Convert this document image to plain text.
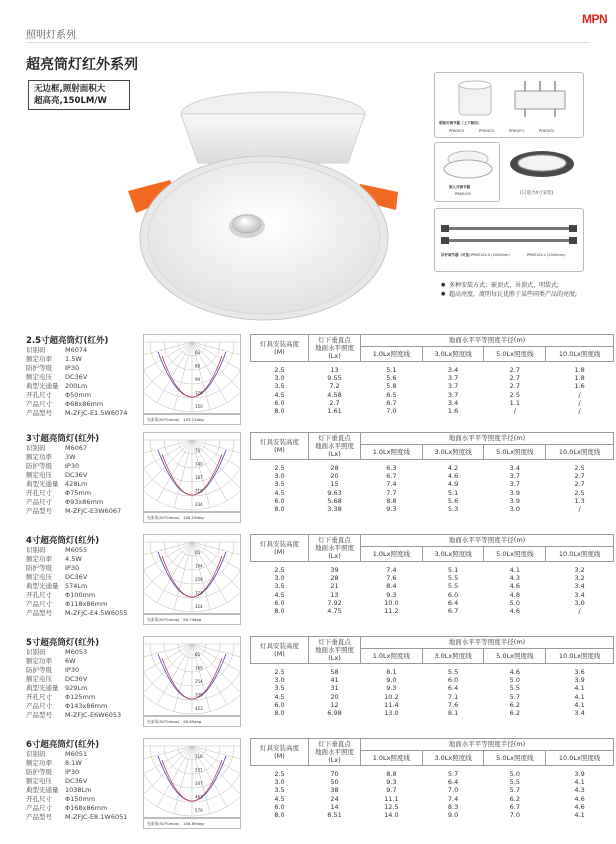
照明灯系列
MPN
超亮筒灯红外系列
无边框,照射面积大
超高亮,150LM/W
明装可调节器（上下朝向）
PF60073	PF60072	PF60071	PF60070
嵌入式调节器
PR60105	(只适合4寸安装)
吊杆调节器（可选）
PR60102-S (2000mm)	PR60102-L (2000mm)
● 多种安装方式：嵌顶式、吊顶式、明装式;
● 超高亮度，流明每瓦优胜于某些同类产品的亮度;
2.5寸超亮筒灯(红外)
识别码	M6074
额定功率 1.5W
防护等级 IP30
额定电压 DC36V
典型光通量 200Lm
开孔尺寸 Φ50mm
产品尺寸 Φ68x86mm
产品型号 M-ZFJC-E1.5W6074
63
88
99
126
150
光束角(50％Imax)：103.21deg
灯具安装高度
(M)	灯下垂直点
地面水平照度
(Lx)	地面水平平等照度半径(m)			
		1.0Lx照度线	3.0Lx照度线	5.0Lx照度线	10.0Lx照度线
2.5	13	5.1	3.4	2.7	1.8
3.0	9.55	5.6	3.7	2.7	1.8
3.5	7.2	5.8	3.7	2.7	1.6
4.5	4.58	6.5	3.7	2.5	/
6.0	2.7	6.7	3.4	1.1	/
8.0	1.61	7.0	1.6	/	/
3寸超亮筒灯(红外)
识别码	M6067
额定功率 3W
防护等级 IP30
额定电压 DC36V
典型光通量 428Lm
开孔尺寸 Φ75mm
产品尺寸 Φ93x86mm
产品型号 M-ZFJC-E3W6067
70
140
187
210
234
光束角(50％Imax)：106.23deg
灯具安装高度
(M)	灯下垂直点
地面水平照度
(Lx)	地面水平平等照度半径(m)			
		1.0Lx照度线	3.0Lx照度线	5.0Lx照度线	10.0Lx照度线
2.5	28	6.3	4.2	3.4	2.5
3.0	20	6.7	4.6	3.7	2.7
3.5	15	7.4	4.9	3.7	2.7
4.5	9.63	7.7	5.1	3.9	2.5
6.0	5.68	8.8	5.6	3.9	1.3
8.0	3.38	9.3	5.3	3.0	/
4寸超亮筒灯(红外)
识别码	M6055
额定功率 4.5W
防护等级 IP30
额定电压 DC36V
典型光通量 574Lm
开孔尺寸 Φ100mm
产品尺寸 Φ118x86mm
产品型号 M-ZFJC-E4.5W6055
65
194
259
324
324
光束角(50％Imax)：96.74deg
灯具安装高度
(M)	灯下垂直点
地面水平照度
(Lx)	地面水平平等照度半径(m)			
		1.0Lx照度线	3.0Lx照度线	5.0Lx照度线	10.0Lx照度线
2.5	39	7.4	5.1	4.1	3.2
3.0	28	7.6	5.5	4.3	3.2
3.5	21	8.4	5.5	4.6	3.4
4.5	13	9.3	6.0	4.8	3.4
6.0	7.92	10.0	6.4	5.0	3.0
8.0	4.75	11.2	6.7	4.6	/
5寸超亮筒灯(红外)
识别码	M6053
额定功率 6W
防护等级 IP30
额定电压 DC36V
典型光通量 929Lm
开孔尺寸 Φ125mm
产品尺寸 Φ143x86mm
产品型号 M-ZFJC-E6W6053
85
169
254
339
423
光束角(50％Imax)：96.85deg
灯具安装高度
(M)	灯下垂直点
地面水平照度
(Lx)	地面水平平等照度半径(m)			
		1.0Lx照度线	3.0Lx照度线	5.0Lx照度线	10.0Lx照度线
2.5	58	8.1	5.5	4.6	3.6
3.0	41	9.0	6.0	5.0	3.9
3.5	31	9.3	6.4	5.5	4.1
4.5	20	10.2	7.1	5.7	4.1
6.0	12	11.4	7.6	6.2	4.1
8.0	6.98	13.0	8.1	6.2	3.4
6寸超亮筒灯(红外)
识别码	M6051
额定功率 8.1W
防护等级 IP30
额定电压 DC36V
典型光通量 1038Lm
开孔尺寸 Φ150mm
产品尺寸 Φ168x86mm
产品型号 M-ZFJC-E8.1W6051
116
231
347
463
579
光束角(50％Imax)：106.89deg
灯具安装高度
(M)	灯下垂直点
地面水平照度
(Lx)	地面水平平等照度半径(m)			
		1.0Lx照度线	3.0Lx照度线	5.0Lx照度线	10.0Lx照度线
2.5	70	8.8	5.7	5.0	3.9
3.0	50	9.3	6.4	5.5	4.1
3.5	38	9.7	7.0	5.7	4.3
4.5	24	11.1	7.4	6.2	4.6
6.0	14	12.5	8.3	6.7	4.6
8.0	8.51	14.0	9.0	7.0	4.1
